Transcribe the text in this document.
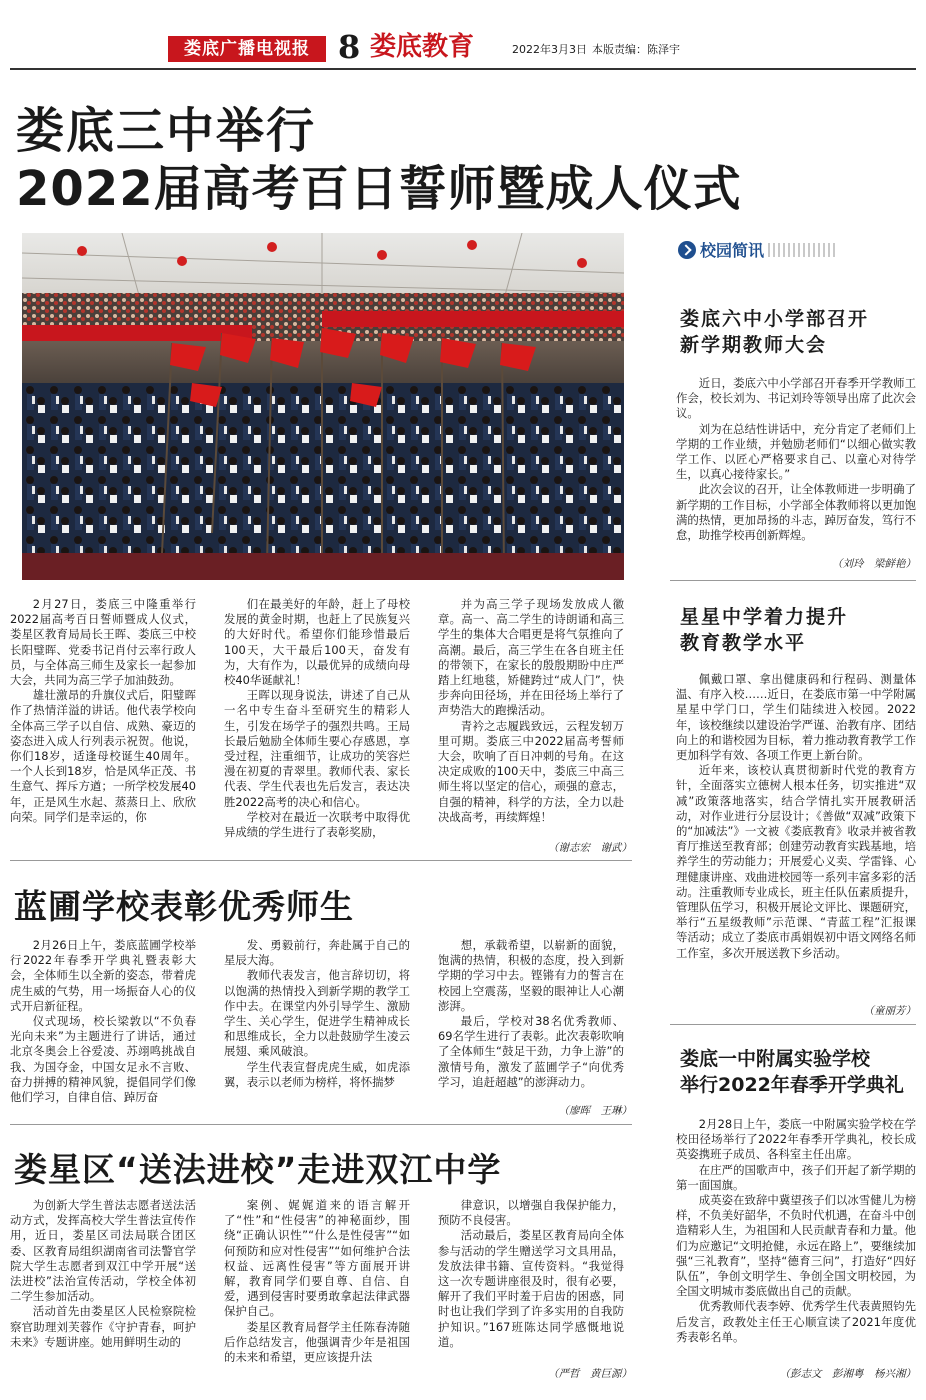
娄底广播电视报 8 娄底教育	2022年3月3日 本版责编：陈泽宇
娄底三中举行
2022届高考百日誓师暨成人仪式

2月27日，娄底三中隆重举行2022届高考百日誓师暨成人仪式，娄星区教育局局长王晖、娄底三中校长阳璧晖、党委书记肖付云率行政人员，与全体高三师生及家长一起参加大会，共同为高三学子加油鼓劲。

雄壮激昂的升旗仪式后，阳璧晖作了热情洋溢的讲话。他代表学校向全体高三学子以自信、成熟、豪迈的姿态进入成人行列表示祝贺。他说，你们18岁，适逢母校诞生40周年。一个人长到18岁，恰是风华正茂、书生意气、挥斥方遒；一所学校发展40年，正是风生水起、蒸蒸日上、欣欣向荣。同学们是幸运的，你

们在最美好的年龄，赶上了母校发展的黄金时期，也赶上了民族复兴的大好时代。希望你们能珍惜最后100天，大干最后100天，奋发有为，大有作为，以最优异的成绩向母校40华诞献礼！

王晖以现身说法，讲述了自己从一名中专生奋斗至研究生的精彩人生，引发在场学子的强烈共鸣。王局长最后勉励全体师生要心存感恩，享受过程，注重细节，让成功的笑容烂漫在初夏的青翠里。教师代表、家长代表、学生代表也先后发言，表达决胜2022高考的决心和信心。

学校对在最近一次联考中取得优异成绩的学生进行了表彰奖励，

并为高三学子现场发放成人徽章。高一、高二学生的诗朗诵和高三学生的集体大合唱更是将气氛推向了高潮。最后，高三学生在各自班主任的带领下，在家长的殷殷期盼中庄严踏上红地毯，矫健跨过“成人门”，快步奔向田径场，并在田径场上举行了声势浩大的跑操活动。

青衿之志履践致远，云程发轫万里可期。娄底三中2022届高考誓师大会，吹响了百日冲刺的号角。在这决定成败的100天中，娄底三中高三师生将以坚定的信心，顽强的意志，自强的精神，科学的方法，全力以赴决战高考，再续辉煌！

（谢志宏　谢武）
蓝圃学校表彰优秀师生

2月26日上午，娄底蓝圃学校举行2022年春季开学典礼暨表彰大会，全体师生以全新的姿态，带着虎虎生威的气势，用一场振奋人心的仪式开启新征程。

仪式现场，校长梁敦以“不负春光向未来”为主题进行了讲话，通过北京冬奥会上谷爱凌、苏翊鸣挑战自我、为国夺金，中国女足永不言败、奋力拼搏的精神风貌，提倡同学们像他们学习，自律自信、踔厉奋

发、勇毅前行，奔赴属于自己的星辰大海。

教师代表发言，他言辞切切，将以饱满的热情投入到新学期的教学工作中去。在课堂内外引导学生、激励学生、关心学生，促进学生精神成长和思维成长，全力以赴鼓励学生凌云展翅、乘风破浪。

学生代表宣督虎虎生威，如虎添翼，表示以老师为榜样，将怀揣梦

想，承载希望，以崭新的面貌，饱满的热情，积极的态度，投入到新学期的学习中去。铿锵有力的誓言在校园上空震荡，坚毅的眼神让人心潮澎湃。

最后，学校对38名优秀教师、69名学生进行了表彰。此次表彰吹响了全体师生“鼓足干劲，力争上游”的激情号角，激发了蓝圃学子“向优秀学习，追赶超越”的澎湃动力。

（廖晖　王琳）
娄星区“送法进校”走进双江中学

为创新大学生普法志愿者送法活动方式，发挥高校大学生普法宣传作用，近日，娄星区司法局联合团区委、区教育局组织湖南省司法警官学院大学生志愿者到双江中学开展“送法进校”法治宣传活动，学校全体初二学生参加活动。

活动首先由娄星区人民检察院检察官助理刘芙蓉作《守护青春，呵护未来》专题讲座。她用鲜明生动的

案例、娓娓道来的语言解开了“性”和“性侵害”的神秘面纱，围绕“正确认识性”“什么是性侵害”“如何预防和应对性侵害”“如何维护合法权益、远离性侵害”等方面展开讲解，教育同学们要自尊、自信、自爱，遇到侵害时要勇敢拿起法律武器保护自己。

娄星区教育局督学主任陈春涛随后作总结发言，他强调青少年是祖国的未来和希望，更应该提升法

律意识，以增强自我保护能力，预防不良侵害。

活动最后，娄星区教育局向全体参与活动的学生赠送学习文具用品，发放法律书籍、宣传资料。“我觉得这一次专题讲座很及时，很有必要，解开了我们平时羞于启齿的困惑，同时也让我们学到了许多实用的自我防护知识。”167班陈达同学感慨地说道。

（严哲　黄巨源）
校园简讯
娄底六中小学部召开
新学期教师大会

近日，娄底六中小学部召开春季开学教师工作会，校长刘为、书记刘玲等领导出席了此次会议。

刘为在总结性讲话中，充分肯定了老师们上学期的工作业绩，并勉励老师们“以细心做实教学工作、以匠心严格要求自己、以童心对待学生，以真心接待家长。”

此次会议的召开，让全体教师进一步明确了新学期的工作目标，小学部全体教师将以更加饱满的热情，更加昂扬的斗志，踔厉奋发，笃行不怠，助推学校再创新辉煌。

（刘玲　梁鲜艳）
星星中学着力提升
教育教学水平

佩戴口罩、拿出健康码和行程码、测量体温、有序入校……近日，在娄底市第一中学附属星星中学门口，学生们陆续进入校园。2022年，该校继续以建设治学严谨、治教有序、团结向上的和谐校园为目标，着力推动教育教学工作更加科学有效、各项工作更上新台阶。

近年来，该校认真贯彻新时代党的教育方针，全面落实立德树人根本任务，切实推进“双减”政策落地落实，结合学情扎实开展教研活动，对作业进行分层设计；《善做“双减”政策下的“加减法”》一文被《娄底教育》收录并被省教育厅推送至教育部；创建劳动教育实践基地，培养学生的劳动能力；开展爱心义卖、学雷锋、心理健康讲座、戏曲进校园等一系列丰富多彩的活动。注重教师专业成长，班主任队伍素质提升，管理队伍学习，积极开展论文评比、课题研究，举行“五星级教师”示范课、“青蓝工程”汇报课等活动；成立了娄底市禹娟娱初中语文网络名师工作室，多次开展送教下乡活动。

（童丽芳）
娄底一中附属实验学校
举行2022年春季开学典礼

2月28日上午，娄底一中附属实验学校在学校田径场举行了2022年春季开学典礼，校长成英姿携班子成员、各科室主任出席。

在庄严的国歌声中，孩子们开起了新学期的第一面国旗。

成英姿在致辞中冀望孩子们以冰雪健儿为榜样，不负美好韶华，不负时代机遇，在奋斗中创造精彩人生，为祖国和人民贡献青春和力量。他们为应邀记“文明抢健，永远在路上”，要继续加强“三礼教育”，坚持“德育三问”，打造好“四好队伍”，争创文明学生、争创全国文明校园，为全国文明城市娄底做出自己的贡献。

优秀教师代表李婷、优秀学生代表黄照钧先后发言，政教处主任王心顺宣读了2021年度优秀表彰名单。

（彭志文　彭湘粤　杨兴湘）
